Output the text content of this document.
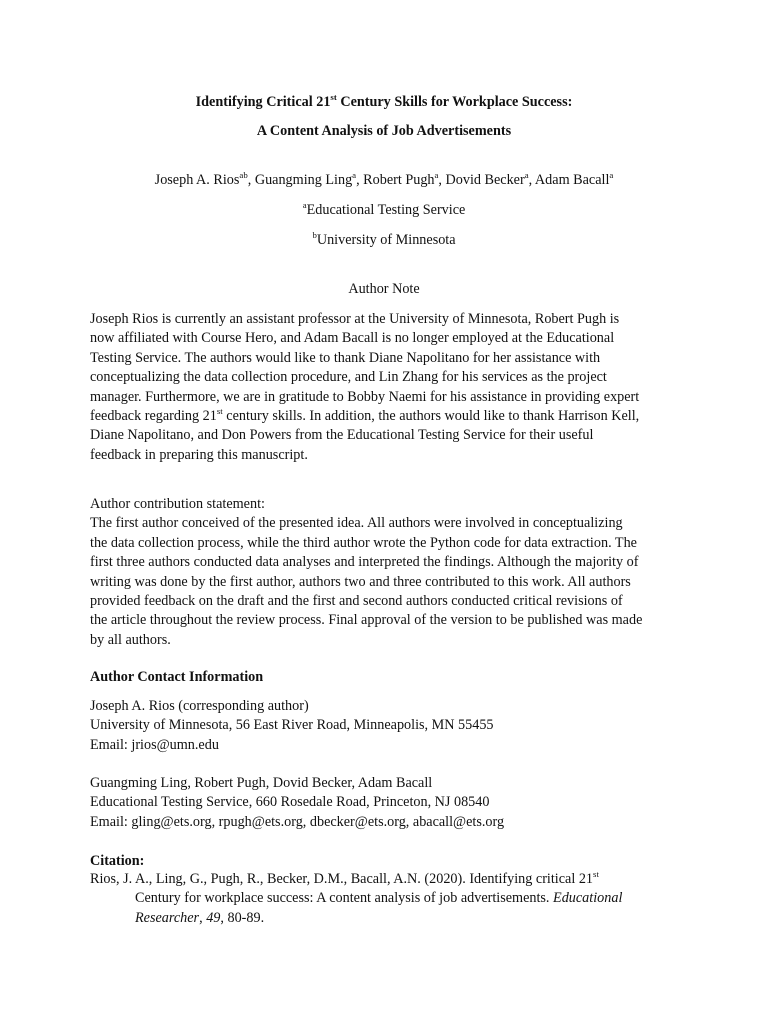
Identifying Critical 21st Century Skills for Workplace Success:
A Content Analysis of Job Advertisements
Joseph A. Rios$^{ab}$, Guangming Ling$^a$, Robert Pugh$^a$, Dovid Becker$^a$, Adam Bacall$^a$
$^a$Educational Testing Service
$^b$University of Minnesota
Author Note
Joseph Rios is currently an assistant professor at the University of Minnesota, Robert Pugh is
now affiliated with Course Hero, and Adam Bacall is no longer employed at the Educational
Testing Service. The authors would like to thank Diane Napolitano for her assistance with
conceptualizing the data collection procedure, and Lin Zhang for his services as the project
manager. Furthermore, we are in gratitude to Bobby Naemi for his assistance in providing expert
feedback regarding 21st century skills. In addition, the authors would like to thank Harrison Kell,
Diane Napolitano, and Don Powers from the Educational Testing Service for their useful
feedback in preparing this manuscript.
Author contribution statement:
The first author conceived of the presented idea. All authors were involved in conceptualizing
the data collection process, while the third author wrote the Python code for data extraction. The
first three authors conducted data analyses and interpreted the findings. Although the majority of
writing was done by the first author, authors two and three contributed to this work. All authors
provided feedback on the draft and the first and second authors conducted critical revisions of
the article throughout the review process. Final approval of the version to be published was made
by all authors.
Author Contact Information
Joseph A. Rios (corresponding author)
University of Minnesota, 56 East River Road, Minneapolis, MN 55455
Email: jrios@umn.edu
Guangming Ling, Robert Pugh, Dovid Becker, Adam Bacall
Educational Testing Service, 660 Rosedale Road, Princeton, NJ 08540
Email: gling@ets.org, rpugh@ets.org, dbecker@ets.org, abacall@ets.org
Citation:
Rios, J. A., Ling, G., Pugh, R., Becker, D.M., Bacall, A.N. (2020). Identifying critical 21st
Century for workplace success: A content analysis of job advertisements. Educational
Researcher, 49, 80-89.
